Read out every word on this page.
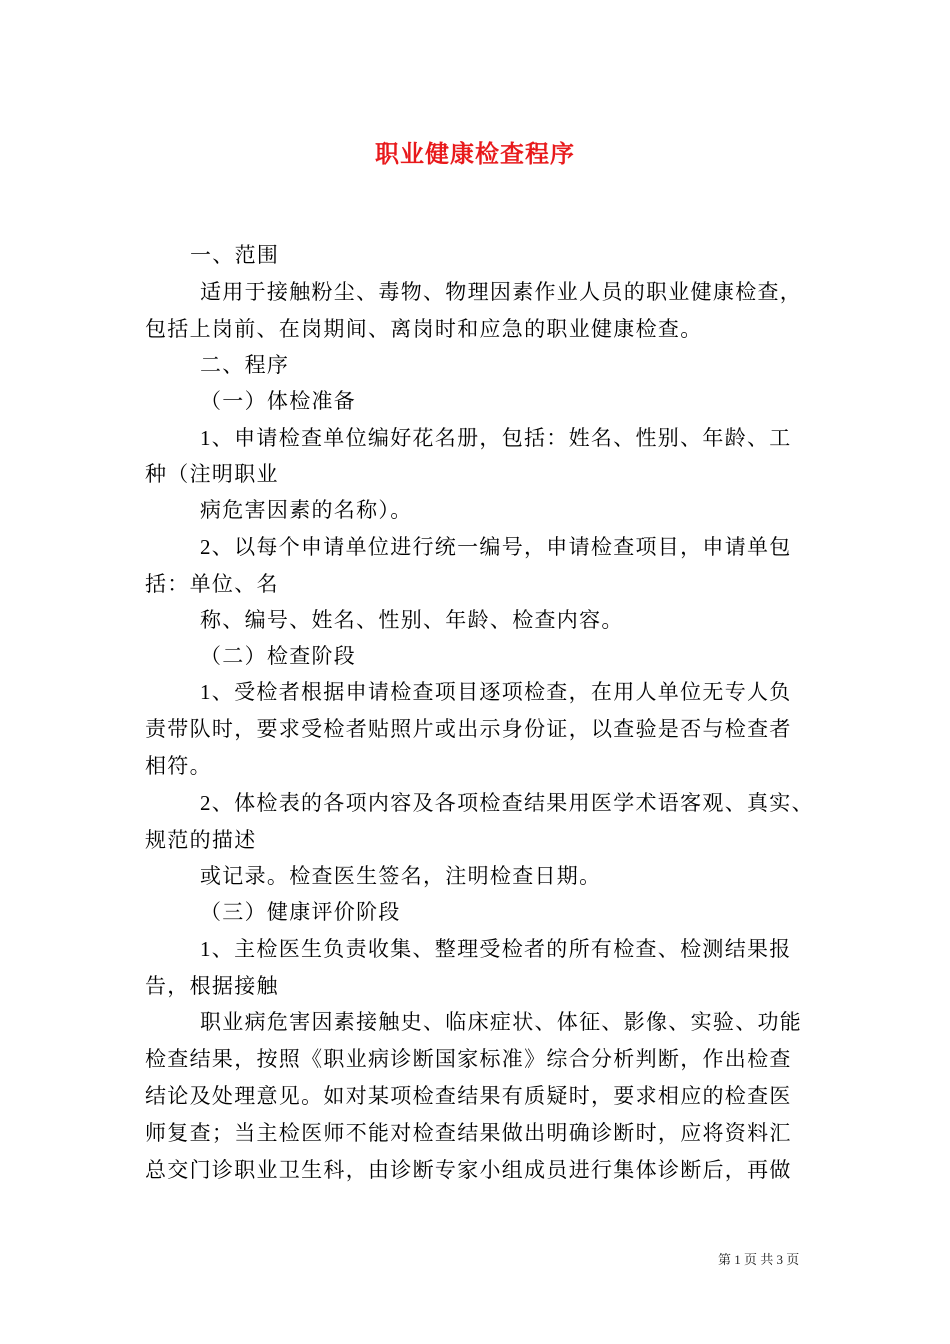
职业健康检查程序
一、范围
适用于接触粉尘、毒物、物理因素作业人员的职业健康检查，
包括上岗前、在岗期间、离岗时和应急的职业健康检查。
二、程序
（一）体检准备
1、申请检查单位编好花名册，包括：姓名、性别、年龄、工
种（注明职业
病危害因素的名称）。
2、以每个申请单位进行统一编号，申请检查项目，申请单包
括：单位、名
称、编号、姓名、性别、年龄、检查内容。
（二）检查阶段
1、受检者根据申请检查项目逐项检查，在用人单位无专人负
责带队时，要求受检者贴照片或出示身份证，以查验是否与检查者
相符。
2、体检表的各项内容及各项检查结果用医学术语客观、真实、
规范的描述
或记录。检查医生签名，注明检查日期。
（三）健康评价阶段
1、主检医生负责收集、整理受检者的所有检查、检测结果报
告，根据接触
职业病危害因素接触史、临床症状、体征、影像、实验、功能
检查结果，按照《职业病诊断国家标准》综合分析判断，作出检查
结论及处理意见。如对某项检查结果有质疑时，要求相应的检查医
师复查；当主检医师不能对检查结果做出明确诊断时，应将资料汇
总交门诊职业卫生科，由诊断专家小组成员进行集体诊断后，再做
第 1 页 共 3 页
